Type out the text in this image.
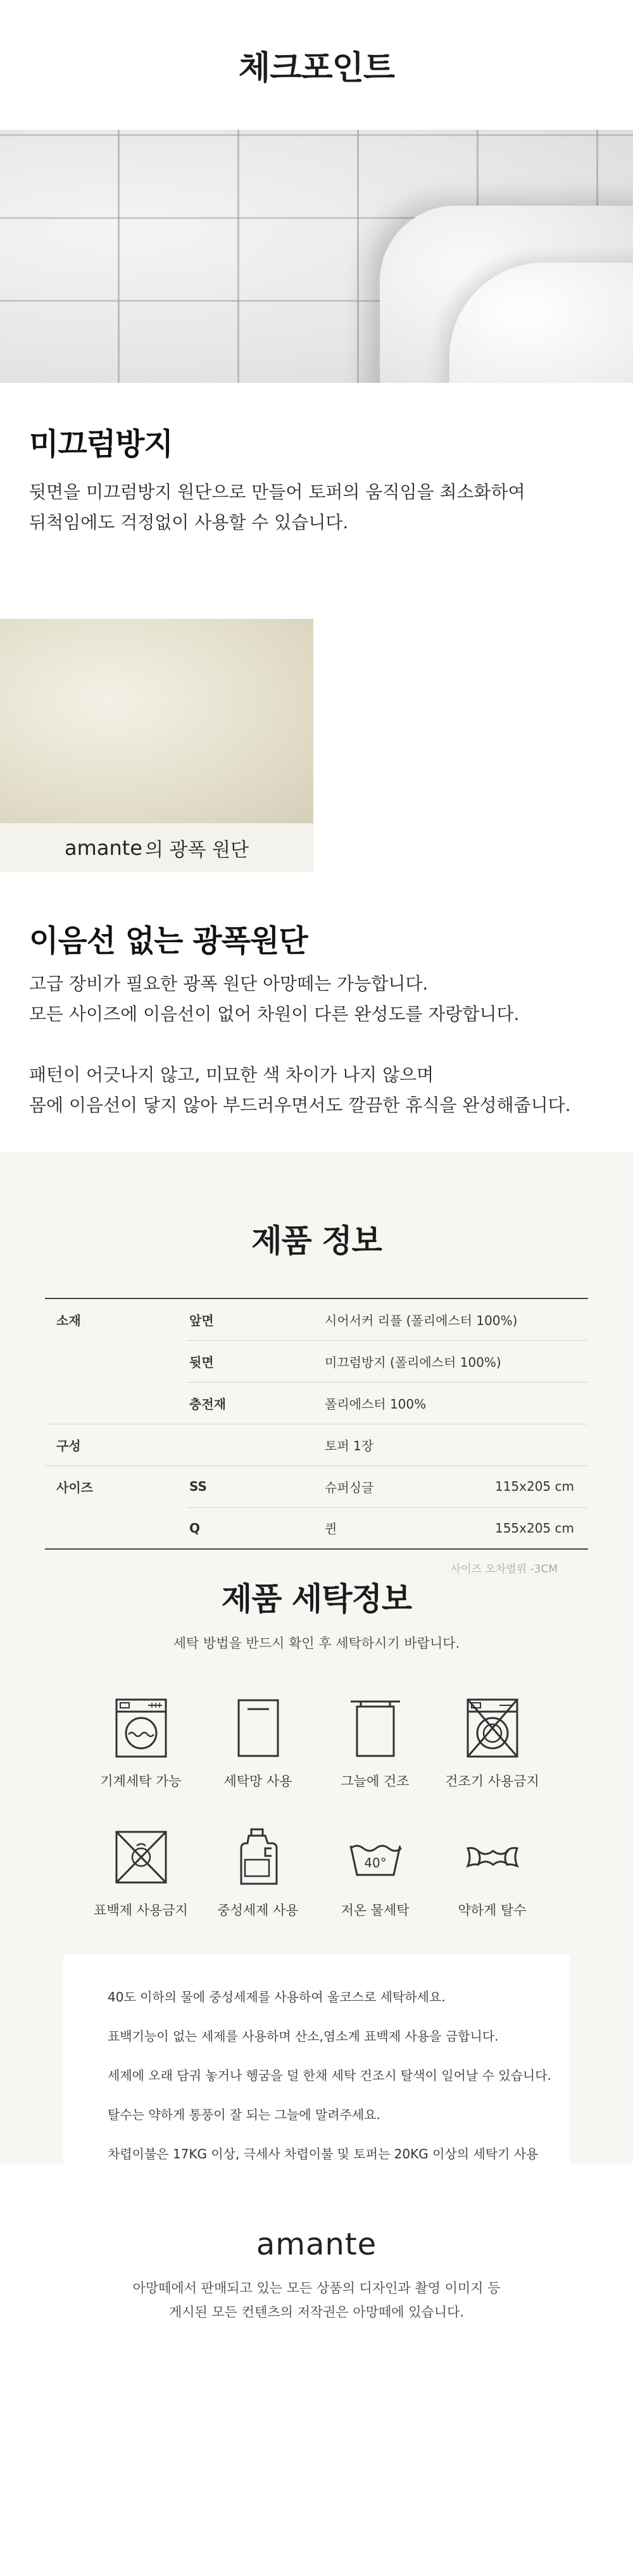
체크포인트
미끄럼방지

뒷면을 미끄럼방지 원단으로 만들어 토퍼의 움직임을 최소화하여
뒤척임에도 걱정없이 사용할 수 있습니다.

amante 의 광폭 원단
이음선 없는 광폭원단

고급 장비가 필요한 광폭 원단 아망떼는 가능합니다.
모든 사이즈에 이음선이 없어 차원이 다른 완성도를 자랑합니다.

패턴이 어긋나지 않고, 미묘한 색 차이가 나지 않으며
몸에 이음선이 닿지 않아 부드러우면서도 깔끔한 휴식을 완성해줍니다.

제품 정보
소재	앞면	시어서커 리플 (폴리에스터 100%)	
	뒷면	미끄럼방지 (폴리에스터 100%)	
	충전재	폴리에스터 100%	
구성		토퍼 1장	
사이즈	SS	슈퍼싱글	115x205 cm
	Q	퀸	155x205 cm
사이즈 오차범위 -3CM
제품 세탁정보
세탁 방법을 반드시 확인 후 세탁하시기 바랍니다.
기계세탁 가능	세탁망 사용	그늘에 건조	건조기 사용금지
표백제 사용금지 중성세제 사용
40°
저온 물세탁	약하게 탈수

40도 이하의 물에 중성세제를 사용하여 울코스로 세탁하세요.

표백기능이 없는 세제를 사용하며 산소,염소계 표백제 사용을 금합니다.

세제에 오래 담궈 놓거나 헹굼을 덜 한채 세탁 건조시 탈색이 일어날 수 있습니다.

탈수는 약하게 통풍이 잘 되는 그늘에 말려주세요.

차렵이불은 17KG 이상, 극세사 차렵이불 및 토퍼는 20KG 이상의 세탁기 사용

amante

아망떼에서 판매되고 있는 모든 상품의 디자인과 촬영 이미지 등

게시된 모든 컨텐츠의 저작권은 아망떼에 있습니다.
